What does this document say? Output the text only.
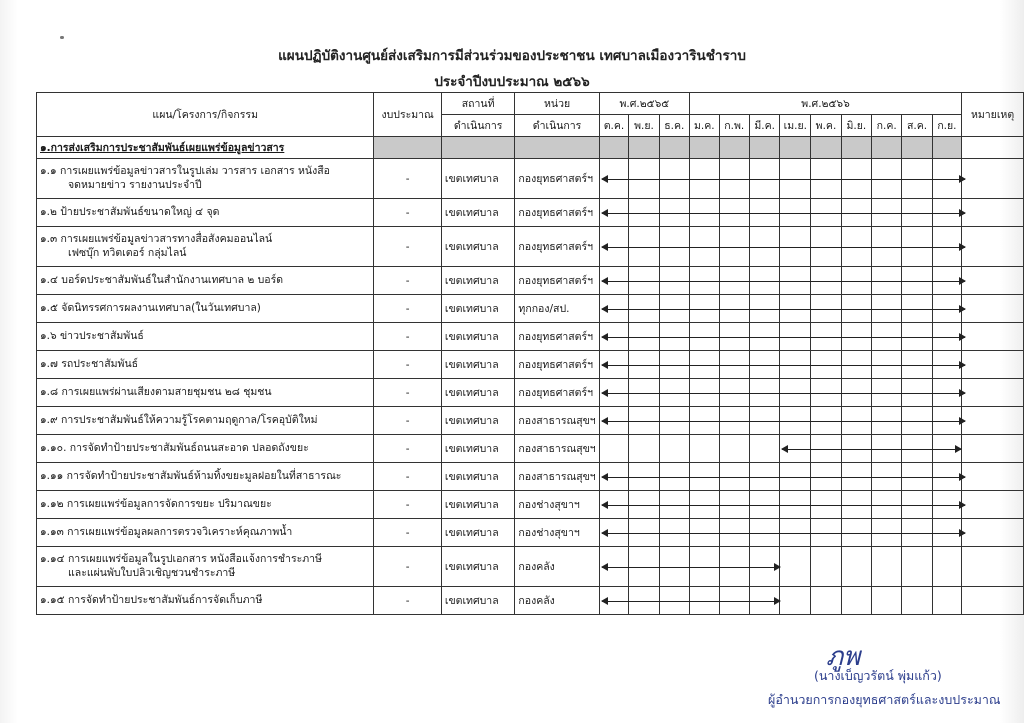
แผนปฏิบัติงานศูนย์ส่งเสริมการมีส่วนร่วมของประชาชน เทศบาลเมืองวารินชำราบ
ประจำปีงบประมาณ ๒๕๖๖
แผน/โครงการ/กิจกรรม	งบประมาณ	สถานที่	หน่วย	พ.ศ.๒๕๖๕			พ.ศ.๒๕๖๖									หมายเหตุ
		ดำเนินการ	ดำเนินการ	ต.ค.	พ.ย.	ธ.ค.	ม.ค.	ก.พ.	มี.ค.	เม.ย.	พ.ค.	มิ.ย.	ก.ค.	ส.ค.	ก.ย.	
๑.การส่งเสริมการประชาสัมพันธ์เผยแพร่ข้อมูลข่าวสาร																
๑.๑ การเผยแพร่ข้อมูลข่าวสารในรูปเล่ม วารสาร เอกสาร หนังสือ
จดหมายข่าว รายงานประจำปี	-	เขตเทศบาล	กองยุทธศาสตร์ฯ	

๑.๒ ป้ายประชาสัมพันธ์ขนาดใหญ่ ๔ จุด	-	เขตเทศบาล	กองยุทธศาสตร์ฯ	

๑.๓ การเผยแพร่ข้อมูลข่าวสารทางสื่อสังคมออนไลน์
เฟซบุ๊ก ทวิตเตอร์ กลุ่มไลน์	-	เขตเทศบาล	กองยุทธศาสตร์ฯ	

๑.๔ บอร์ดประชาสัมพันธ์ในสำนักงานเทศบาล ๒ บอร์ด	-	เขตเทศบาล	กองยุทธศาสตร์ฯ	

๑.๕ จัดนิทรรศการผลงานเทศบาล(ในวันเทศบาล)	-	เขตเทศบาล	ทุกกอง/สป.	

๑.๖ ข่าวประชาสัมพันธ์	-	เขตเทศบาล	กองยุทธศาสตร์ฯ	

๑.๗ รถประชาสัมพันธ์	-	เขตเทศบาล	กองยุทธศาสตร์ฯ	

๑.๘ การเผยแพร่ผ่านเสียงตามสายชุมชน ๒๘ ชุมชน	-	เขตเทศบาล	กองยุทธศาสตร์ฯ	

๑.๙ การประชาสัมพันธ์ให้ความรู้โรคตามฤดูกาล/โรคอุบัติใหม่	-	เขตเทศบาล	กองสาธารณสุขฯ	

๑.๑๐. การจัดทำป้ายประชาสัมพันธ์ถนนสะอาด ปลอดถังขยะ	-	เขตเทศบาล	กองสาธารณสุขฯ							

๑.๑๑ การจัดทำป้ายประชาสัมพันธ์ห้ามทิ้งขยะมูลฝอยในที่สาธารณะ	-	เขตเทศบาล	กองสาธารณสุขฯ	

๑.๑๒ การเผยแพร่ข้อมูลการจัดการขยะ ปริมาณขยะ	-	เขตเทศบาล	กองช่างสุขาฯ	

๑.๑๓ การเผยแพร่ข้อมูลผลการตรวจวิเคราะห์คุณภาพน้ำ	-	เขตเทศบาล	กองช่างสุขาฯ	

๑.๑๔ การเผยแพร่ข้อมูลในรูปเอกสาร หนังสือแจ้งการชำระภาษี
และแผ่นพับใบปลิวเชิญชวนชำระภาษี	-	เขตเทศบาล	กองคลัง	

๑.๑๕ การจัดทำป้ายประชาสัมพันธ์การจัดเก็บภาษี	-	เขตเทศบาล	กองคลัง	

ภูพ
(นางเบ็ญวรัตน์ พุ่มแก้ว)
ผู้อำนวยการกองยุทธศาสตร์และงบประมาณ
